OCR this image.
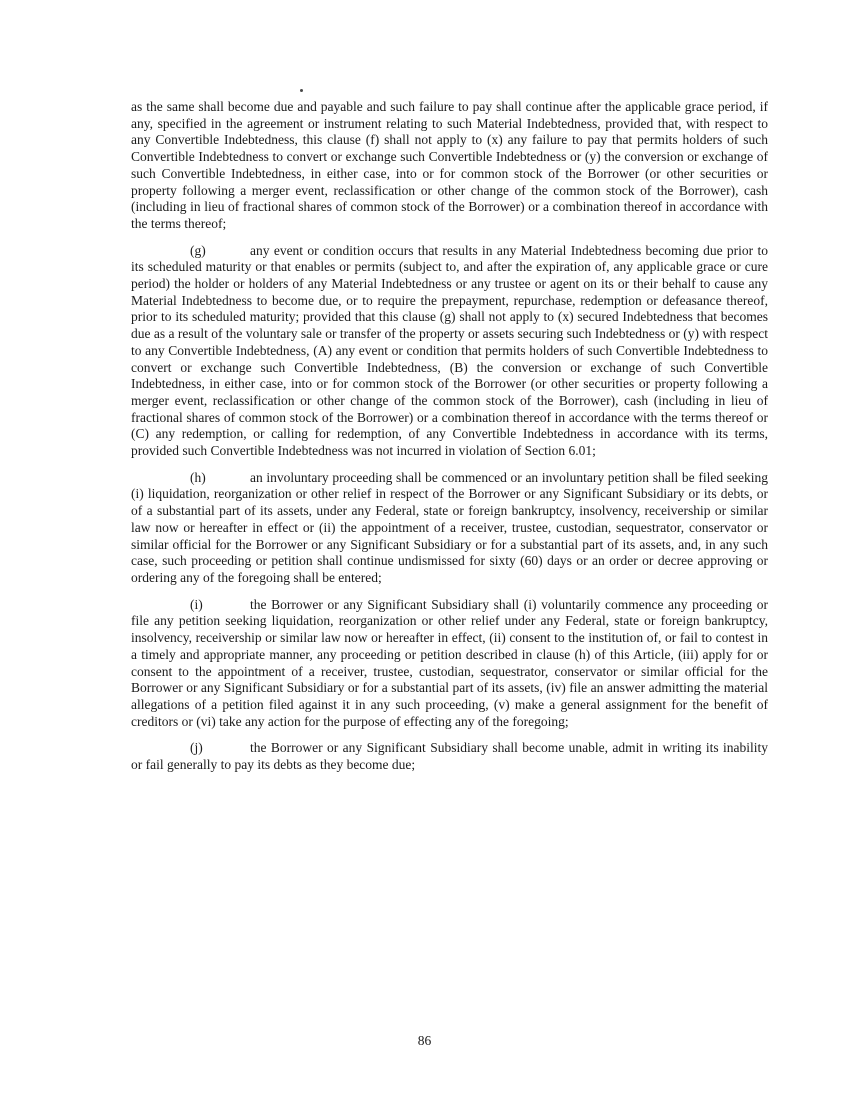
as the same shall become due and payable and such failure to pay shall continue after the applicable grace period, if any, specified in the agreement or instrument relating to such Material Indebtedness, provided that, with respect to any Convertible Indebtedness, this clause (f) shall not apply to (x) any failure to pay that permits holders of such Convertible Indebtedness to convert or exchange such Convertible Indebtedness or (y) the conversion or exchange of such Convertible Indebtedness, in either case, into or for common stock of the Borrower (or other securities or property following a merger event, reclassification or other change of the common stock of the Borrower), cash (including in lieu of fractional shares of common stock of the Borrower) or a combination thereof in accordance with the terms thereof;

(g)	any event or condition occurs that results in any Material Indebtedness becoming due prior to its scheduled maturity or that enables or permits (subject to, and after the expiration of, any applicable grace or cure period) the holder or holders of any Material Indebtedness or any trustee or agent on its or their behalf to cause any Material Indebtedness to become due, or to require the prepayment, repurchase, redemption or defeasance thereof, prior to its scheduled maturity; provided that this clause (g) shall not apply to (x) secured Indebtedness that becomes due as a result of the voluntary sale or transfer of the property or assets securing such Indebtedness or (y) with respect to any Convertible Indebtedness, (A) any event or condition that permits holders of such Convertible Indebtedness to convert or exchange such Convertible Indebtedness, (B) the conversion or exchange of such Convertible Indebtedness, in either case, into or for common stock of the Borrower (or other securities or property following a merger event, reclassification or other change of the common stock of the Borrower), cash (including in lieu of fractional shares of common stock of the Borrower) or a combination thereof in accordance with the terms thereof or (C) any redemption, or calling for redemption, of any Convertible Indebtedness in accordance with its terms, provided such Convertible Indebtedness was not incurred in violation of Section 6.01;

(h)	an involuntary proceeding shall be commenced or an involuntary petition shall be filed seeking (i) liquidation, reorganization or other relief in respect of the Borrower or any Significant Subsidiary or its debts, or of a substantial part of its assets, under any Federal, state or foreign bankruptcy, insolvency, receivership or similar law now or hereafter in effect or (ii) the appointment of a receiver, trustee, custodian, sequestrator, conservator or similar official for the Borrower or any Significant Subsidiary or for a substantial part of its assets, and, in any such case, such proceeding or petition shall continue undismissed for sixty (60) days or an order or decree approving or ordering any of the foregoing shall be entered;

(i)	the Borrower or any Significant Subsidiary shall (i) voluntarily commence any proceeding or file any petition seeking liquidation, reorganization or other relief under any Federal, state or foreign bankruptcy, insolvency, receivership or similar law now or hereafter in effect, (ii) consent to the institution of, or fail to contest in a timely and appropriate manner, any proceeding or petition described in clause (h) of this Article, (iii) apply for or consent to the appointment of a receiver, trustee, custodian, sequestrator, conservator or similar official for the Borrower or any Significant Subsidiary or for a substantial part of its assets, (iv) file an answer admitting the material allegations of a petition filed against it in any such proceeding, (v) make a general assignment for the benefit of creditors or (vi) take any action for the purpose of effecting any of the foregoing;

(j)	the Borrower or any Significant Subsidiary shall become unable, admit in writing its inability or fail generally to pay its debts as they become due;

86
